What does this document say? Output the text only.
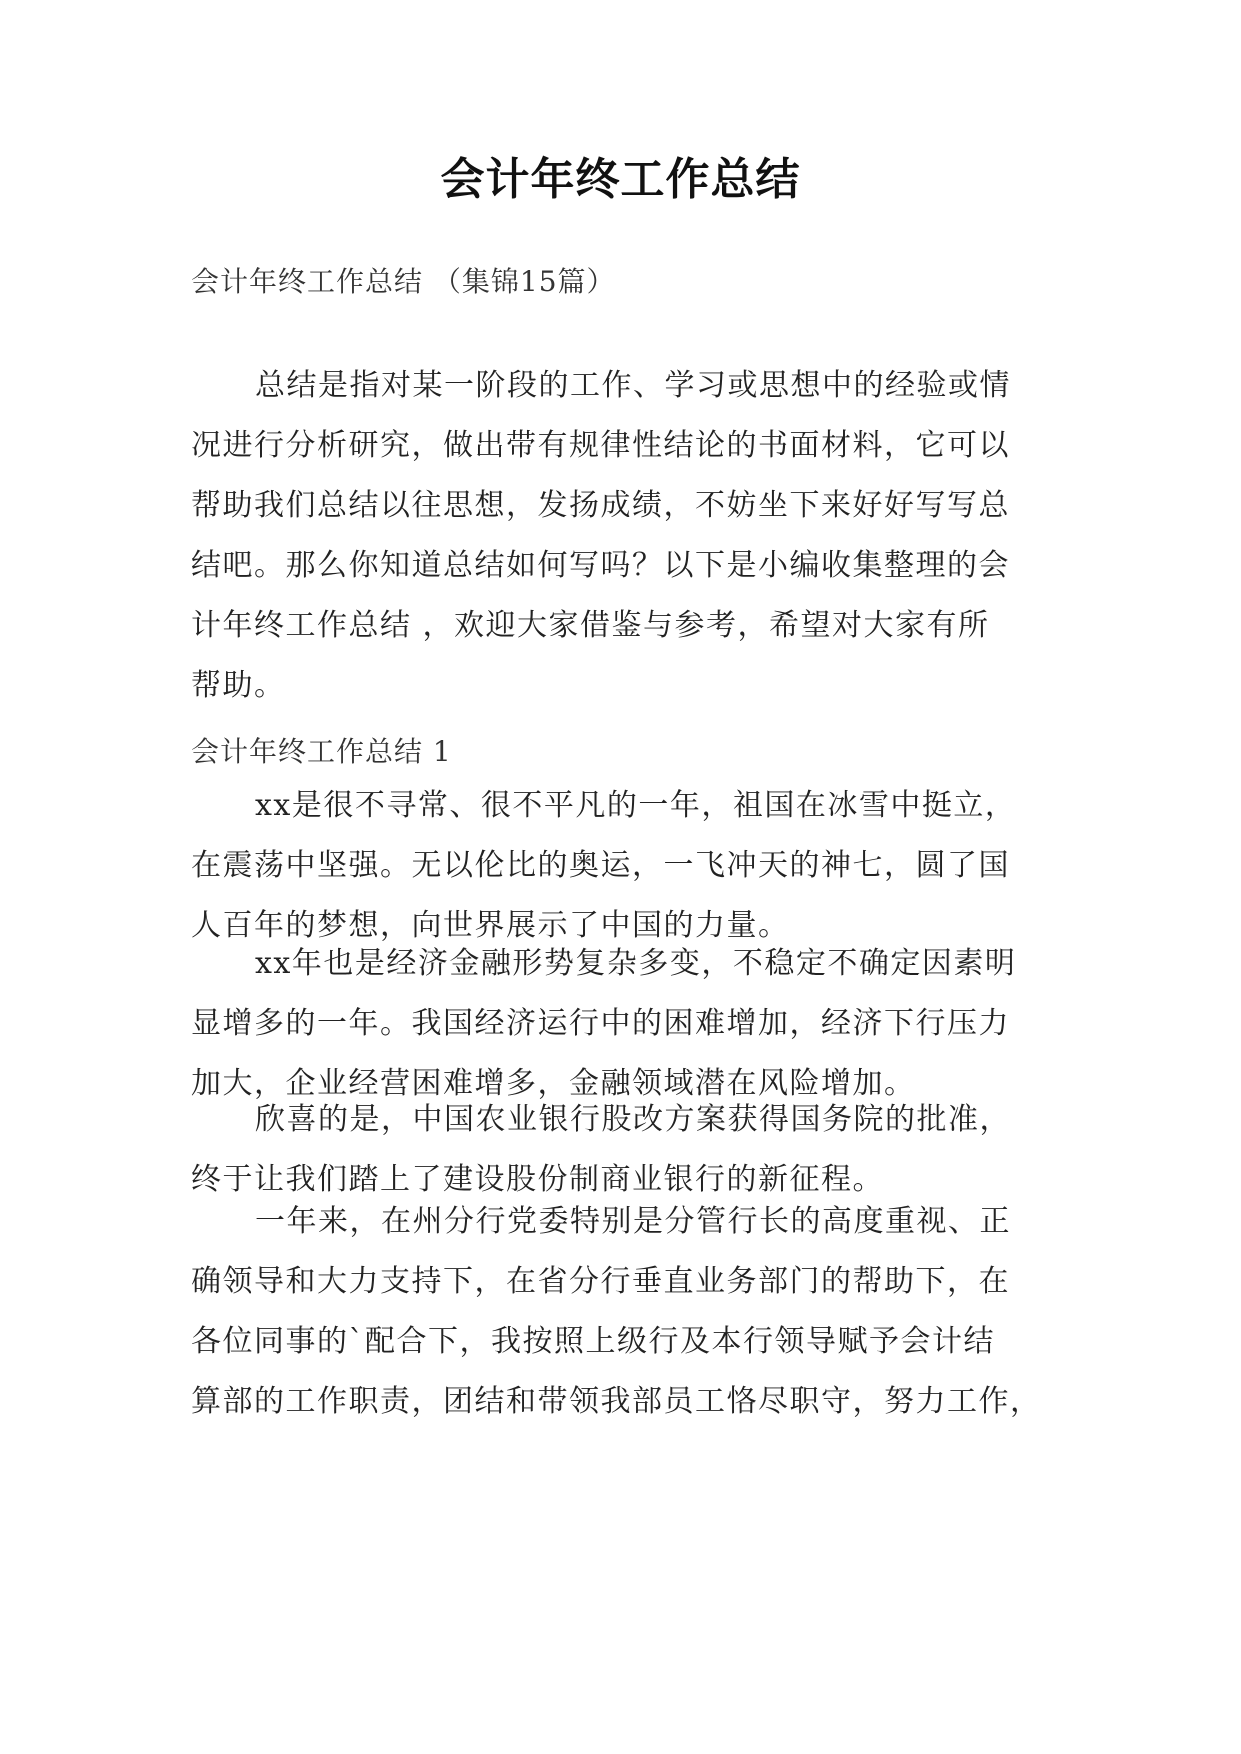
会计年终工作总结

会计年终工作总结 （集锦15篇）

总结是指对某一阶段的工作、学习或思想中的经验或情
况进行分析研究，做出带有规律性结论的书面材料，它可以
帮助我们总结以往思想，发扬成绩，不妨坐下来好好写写总
结吧。那么你知道总结如何写吗？以下是小编收集整理的会
计年终工作总结 ，欢迎大家借鉴与参考，希望对大家有所
帮助。

会计年终工作总结 1

xx是很不寻常、很不平凡的一年，祖国在冰雪中挺立，
在震荡中坚强。无以伦比的奥运，一飞冲天的神七，圆了国
人百年的梦想，向世界展示了中国的力量。

xx年也是经济金融形势复杂多变，不稳定不确定因素明
显增多的一年。我国经济运行中的困难增加，经济下行压力
加大，企业经营困难增多，金融领域潜在风险增加。

欣喜的是，中国农业银行股改方案获得国务院的批准，
终于让我们踏上了建设股份制商业银行的新征程。

一年来，在州分行党委特别是分管行长的高度重视、正
确领导和大力支持下，在省分行垂直业务部门的帮助下，在
各位同事的`配合下，我按照上级行及本行领导赋予会计结
算部的工作职责，团结和带领我部员工恪尽职守，努力工作，
